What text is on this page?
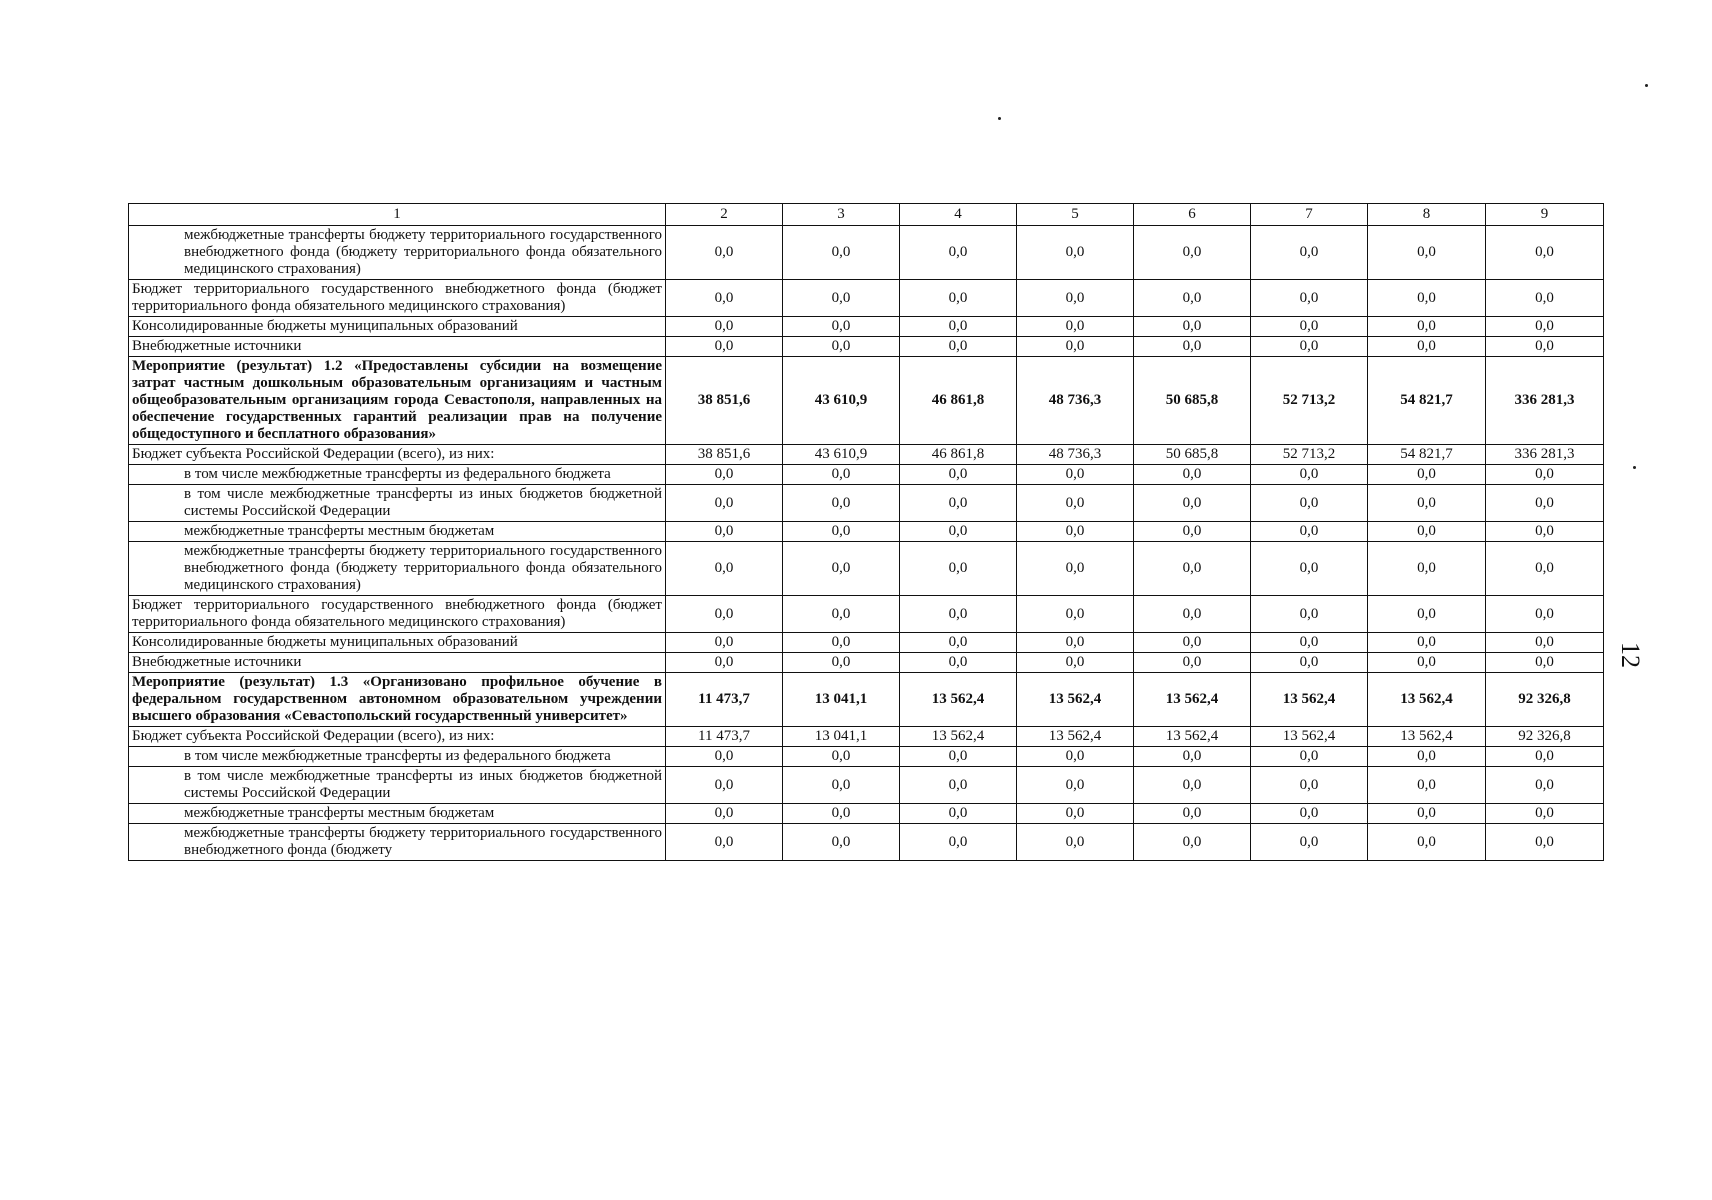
1	2	3	4	5	6	7	8	9
межбюджетные трансферты бюджету территориального государственного внебюджетного фонда (бюджету территориального фонда обязательного медицинского страхования)	0,0	0,0	0,0	0,0	0,0	0,0	0,0	0,0
Бюджет территориального государственного внебюджетного фонда (бюджет территориального фонда обязательного медицинского страхования)	0,0	0,0	0,0	0,0	0,0	0,0	0,0	0,0
Консолидированные бюджеты муниципальных образований	0,0	0,0	0,0	0,0	0,0	0,0	0,0	0,0
Внебюджетные источники	0,0	0,0	0,0	0,0	0,0	0,0	0,0	0,0
Мероприятие (результат) 1.2 «Предоставлены субсидии на возмещение затрат частным дошкольным образовательным организациям и частным общеобразовательным организациям города Севастополя, направленных на обеспечение государственных гарантий реализации прав на получение общедоступного и бесплатного образования»	38 851,6	43 610,9	46 861,8	48 736,3	50 685,8	52 713,2	54 821,7	336 281,3
Бюджет субъекта Российской Федерации (всего), из них:	38 851,6	43 610,9	46 861,8	48 736,3	50 685,8	52 713,2	54 821,7	336 281,3
в том числе межбюджетные трансферты из федерального бюджета	0,0	0,0	0,0	0,0	0,0	0,0	0,0	0,0
в том числе межбюджетные трансферты из иных бюджетов бюджетной системы Российской Федерации	0,0	0,0	0,0	0,0	0,0	0,0	0,0	0,0
межбюджетные трансферты местным бюджетам	0,0	0,0	0,0	0,0	0,0	0,0	0,0	0,0
межбюджетные трансферты бюджету территориального государственного внебюджетного фонда (бюджету территориального фонда обязательного медицинского страхования)	0,0	0,0	0,0	0,0	0,0	0,0	0,0	0,0
Бюджет территориального государственного внебюджетного фонда (бюджет территориального фонда обязательного медицинского страхования)	0,0	0,0	0,0	0,0	0,0	0,0	0,0	0,0
Консолидированные бюджеты муниципальных образований	0,0	0,0	0,0	0,0	0,0	0,0	0,0	0,0
Внебюджетные источники	0,0	0,0	0,0	0,0	0,0	0,0	0,0	0,0
Мероприятие (результат) 1.3 «Организовано профильное обучение в федеральном государственном автономном образовательном учреждении высшего образования «Севастопольский государственный университет»	11 473,7	13 041,1	13 562,4	13 562,4	13 562,4	13 562,4	13 562,4	92 326,8
Бюджет субъекта Российской Федерации (всего), из них:	11 473,7	13 041,1	13 562,4	13 562,4	13 562,4	13 562,4	13 562,4	92 326,8
в том числе межбюджетные трансферты из федерального бюджета	0,0	0,0	0,0	0,0	0,0	0,0	0,0	0,0
в том числе межбюджетные трансферты из иных бюджетов бюджетной системы Российской Федерации	0,0	0,0	0,0	0,0	0,0	0,0	0,0	0,0
межбюджетные трансферты местным бюджетам	0,0	0,0	0,0	0,0	0,0	0,0	0,0	0,0
межбюджетные трансферты бюджету территориального государственного внебюджетного фонда (бюджету	0,0	0,0	0,0	0,0	0,0	0,0	0,0	0,0
12
